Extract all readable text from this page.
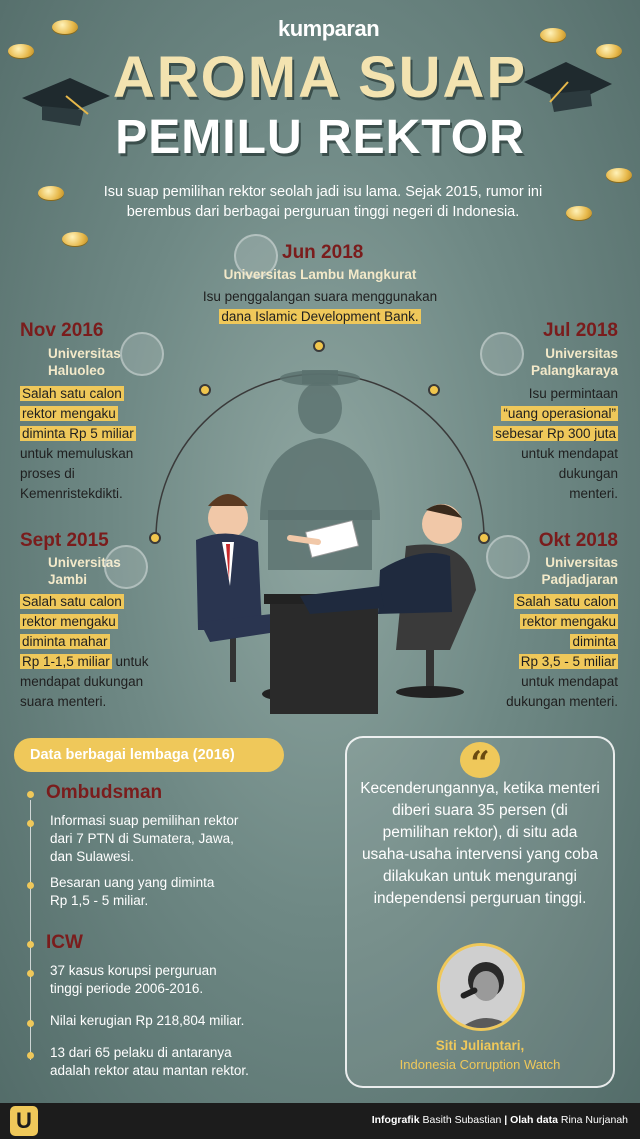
kumparan
AROMA SUAP
PEMILU REKTOR
Isu suap pemilihan rektor seolah jadi isu lama. Sejak 2015, rumor ini berembus dari berbagai perguruan tinggi negeri di Indonesia.
Jun 2018
Universitas Lambu Mangkurat
Isu penggalangan suara menggunakan
dana Islamic Development Bank.
Nov 2016
Universitas
Haluoleo
Salah satu calon
rektor mengaku
diminta Rp 5 miliar
untuk memuluskan
proses di
Kemenristekdikti.
Jul 2018
Universitas
Palangkaraya
Isu permintaan
“uang operasional”
sebesar Rp 300 juta
untuk mendapat
dukungan
menteri.
Sept 2015
Universitas
Jambi
Salah satu calon
rektor mengaku
diminta mahar
Rp 1-1,5 miliar untuk
mendapat dukungan
suara menteri.
Okt 2018
Universitas
Padjadjaran
Salah satu calon
rektor mengaku
diminta
Rp 3,5 - 5 miliar
untuk mendapat
dukungan menteri.
Data berbagai lembaga (2016)
Ombudsman
Informasi suap pemilihan rektor
dari 7 PTN di Sumatera, Jawa,
dan Sulawesi.
Besaran uang yang diminta
Rp 1,5 - 5 miliar.
ICW
37 kasus korupsi perguruan
tinggi periode 2006-2016.
Nilai kerugian Rp 218,804 miliar.
13 dari 65 pelaku di antaranya
adalah rektor atau mantan rektor.
“
Kecenderungannya, ketika menteri diberi suara 35 persen (di pemilihan rektor), di situ ada usaha-usaha intervensi yang coba dilakukan untuk mengurangi independensi perguruan tinggi.
Siti Juliantari,
Indonesia Corruption Watch
U	Infografik Basith Subastian | Olah data Rina Nurjanah
